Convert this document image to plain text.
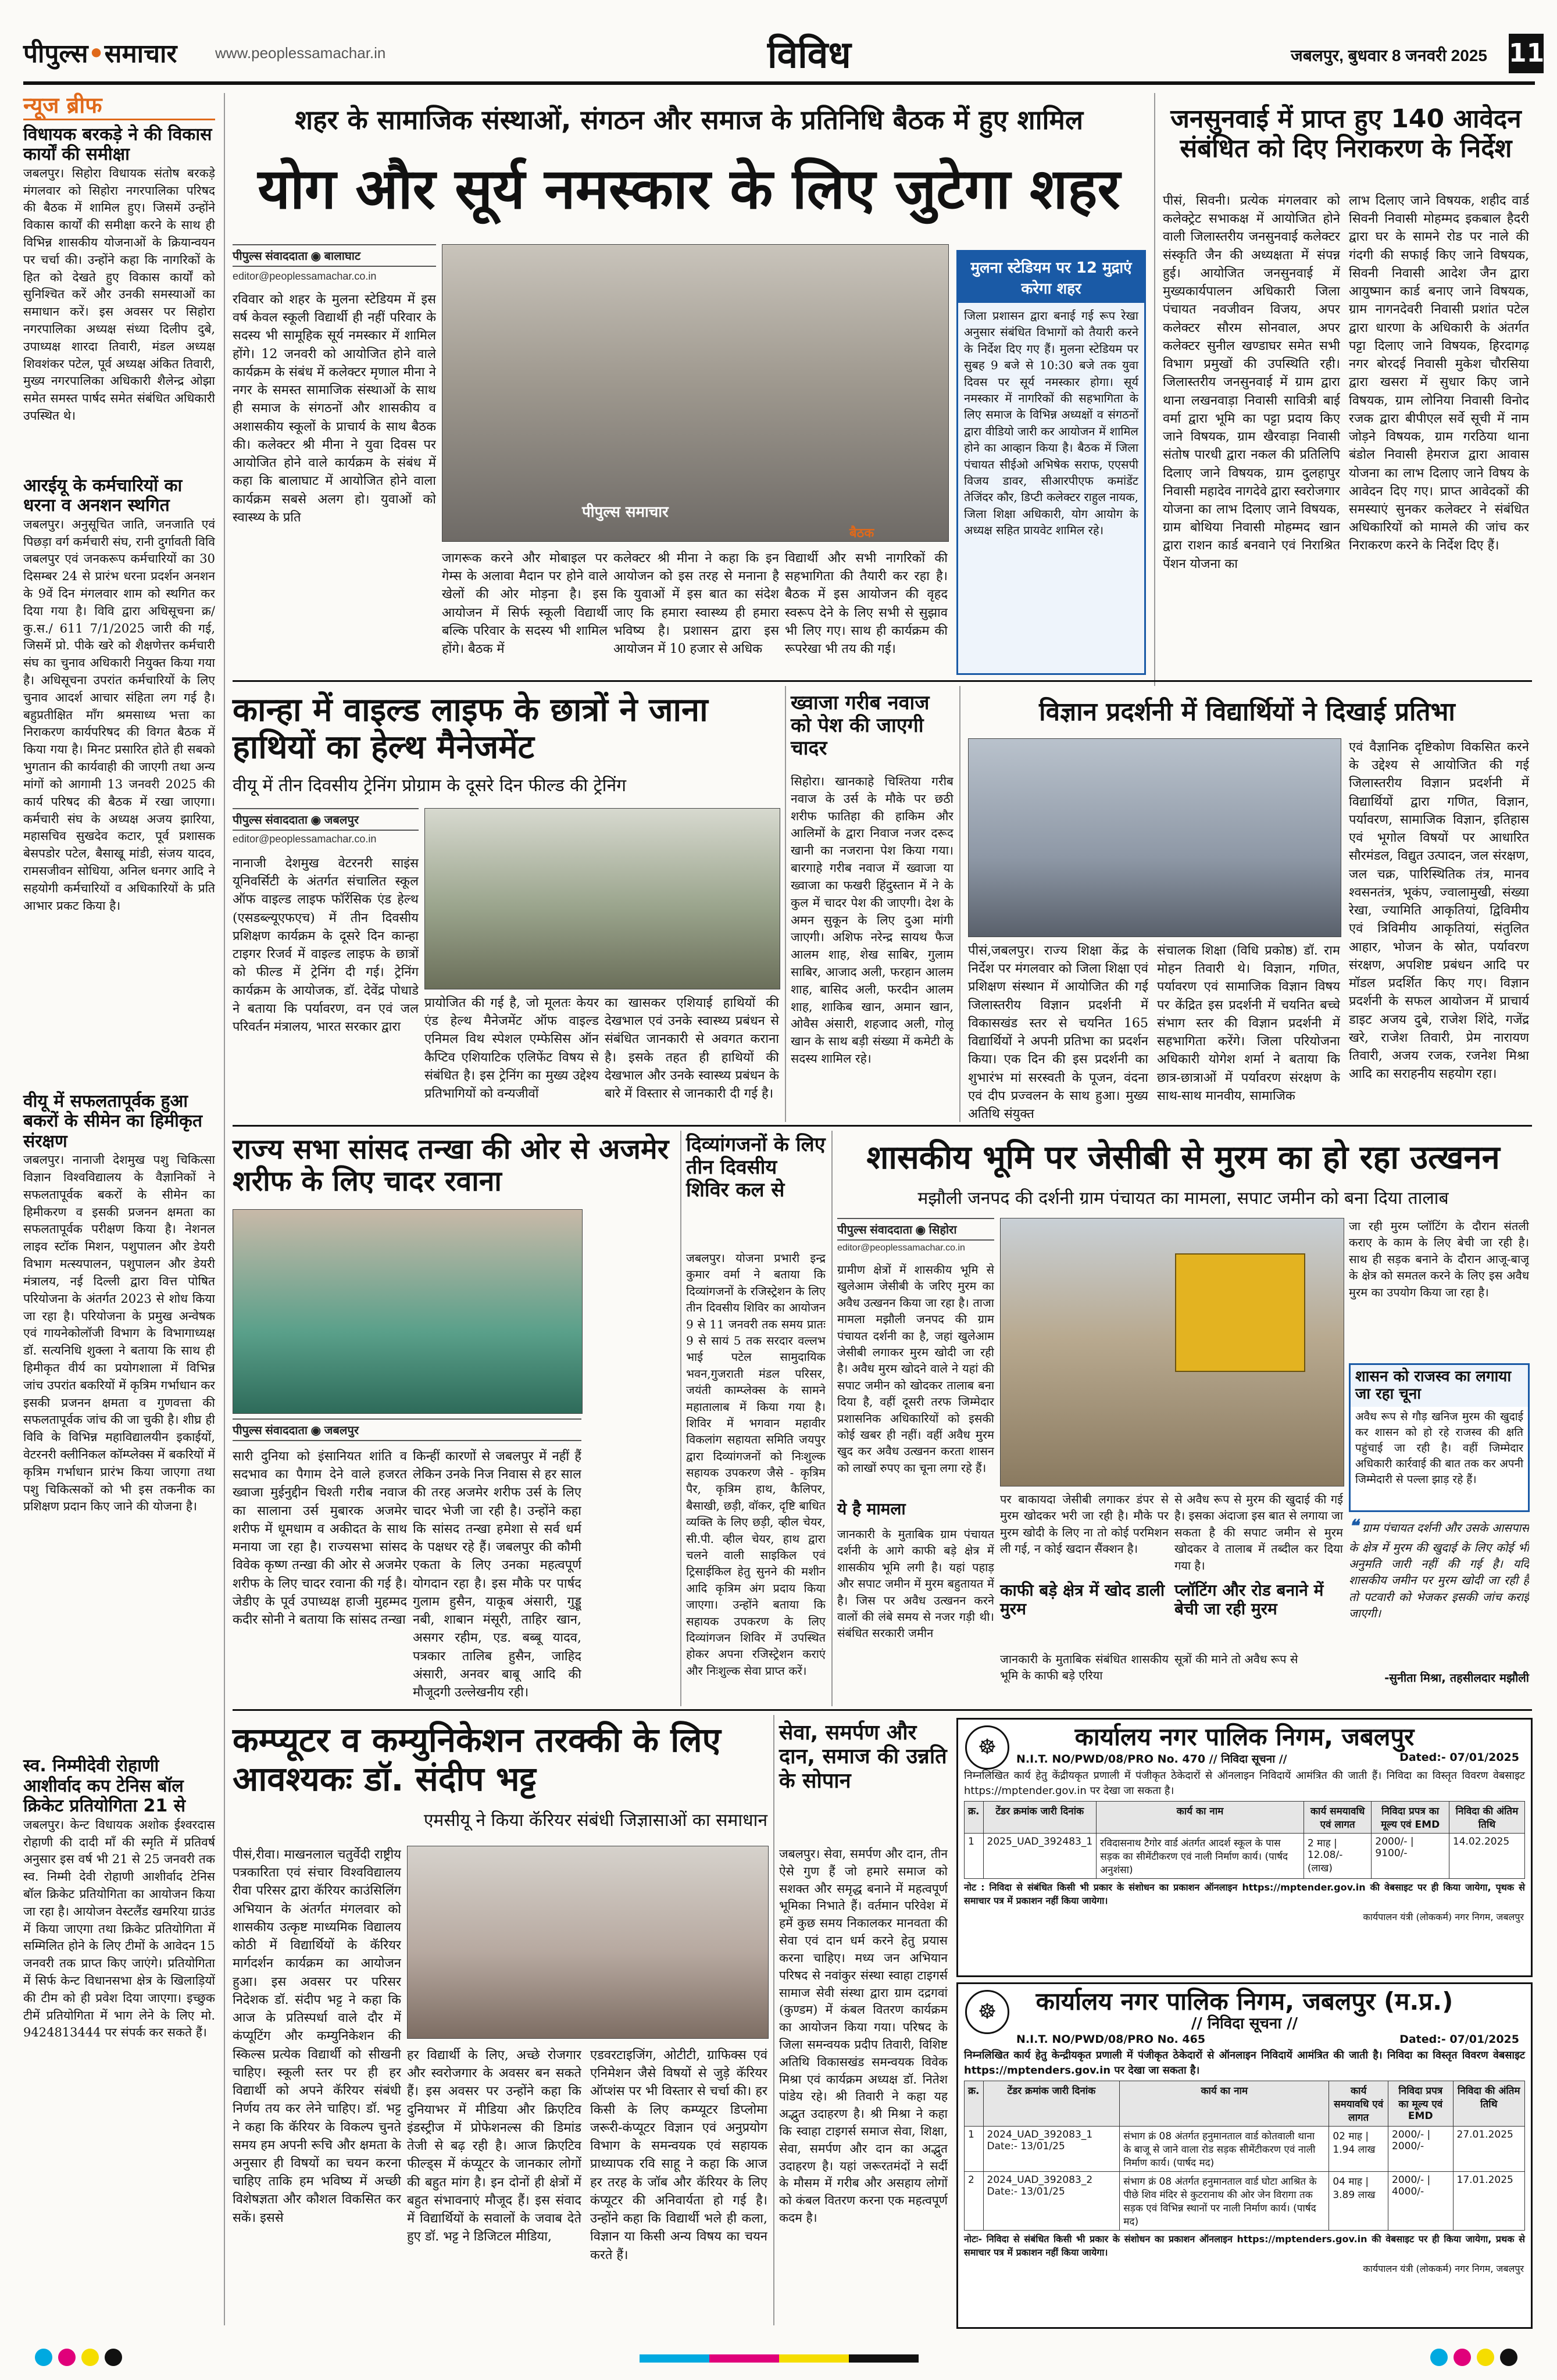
पीपुल्स•समाचार	www.peoplessamachar.in	विविध	जबलपुर, बुधवार 8 जनवरी 2025 11
न्यूज ब्रीफ
विधायक बरकड़े ने की विकास कार्यों की समीक्षा
जबलपुर। सिहोरा विधायक संतोष बरकड़े मंगलवार को सिहोरा नगरपालिका परिषद की बैठक में शामिल हुए। जिसमें उन्होंने विकास कार्यों की समीक्षा करने के साथ ही विभिन्न शासकीय योजनाओं के क्रियान्वयन पर चर्चा की। उन्होंने कहा कि नागरिकों के हित को देखते हुए विकास कार्यों को सुनिश्चित करें और उनकी समस्याओं का समाधान करें। इस अवसर पर सिहोरा नगरपालिका अध्यक्ष संध्या दिलीप दुबे, उपाध्यक्ष शारदा तिवारी, मंडल अध्यक्ष शिवशंकर पटेल, पूर्व अध्यक्ष अंकित तिवारी, मुख्य नगरपालिका अधिकारी शैलेन्द्र ओझा समेत समस्त पार्षद समेत संबंधित अधिकारी उपस्थित थे।
आरईयू के कर्मचारियों का धरना व अनशन स्थगित
जबलपुर। अनुसूचित जाति, जनजाति एवं पिछड़ा वर्ग कर्मचारी संघ, रानी दुर्गावती विवि जबलपुर एवं जनकरूप कर्मचारियों का 30 दिसम्बर 24 से प्रारंभ धरना प्रदर्शन अनशन के 9वें दिन मंगलवार शाम को स्थगित कर दिया गया है। विवि द्वारा अधिसूचना क्र/ कु.स./ 611 7/1/2025 जारी की गई, जिसमें प्रो. पीके खरे को शैक्षणेत्तर कर्मचारी संघ का चुनाव अधिकारी नियुक्त किया गया है। अधिसूचना उपरांत कर्मचारियों के लिए चुनाव आदर्श आचार संहिता लग गई है। बहुप्रतीक्षित माँग श्रमसाध्य भत्ता का निराकरण कार्यपरिषद की विगत बैठक में किया गया है। मिनट प्रसारित होते ही सबको भुगतान की कार्यवाही की जाएगी तथा अन्य मांगों को आगामी 13 जनवरी 2025 की कार्य परिषद की बैठक में रखा जाएगा। कर्मचारी संघ के अध्यक्ष अजय झारिया, महासचिव सुखदेव कटार, पूर्व प्रशासक बेसपडोर पटेल, बैसाखू मांडी, संजय यादव, रामसजीवन सोधिया, अनिल धनगर आदि ने सहयोगी कर्मचारियों व अधिकारियों के प्रति आभार प्रकट किया है।
वीयू में सफलतापूर्वक हुआ बकरों के सीमेन का हिमीकृत संरक्षण
जबलपुर। नानाजी देशमुख पशु चिकित्सा विज्ञान विश्वविद्यालय के वैज्ञानिकों ने सफलतापूर्वक बकरों के सीमेन का हिमीकरण व इसकी प्रजनन क्षमता का सफलतापूर्वक परीक्षण किया है। नेशनल लाइव स्टॉक मिशन, पशुपालन और डेयरी विभाग मत्स्यपालन, पशुपालन और डेयरी मंत्रालय, नई दिल्ली द्वारा वित्त पोषित परियोजना के अंतर्गत 2023 से शोध किया जा रहा है। परियोजना के प्रमुख अन्वेषक एवं गायनेकोलॉजी विभाग के विभागाध्यक्ष डॉ. सत्यनिधि शुक्ला ने बताया कि साथ ही हिमीकृत वीर्य का प्रयोगशाला में विभिन्न जांच उपरांत बकरियों में कृत्रिम गर्भाधान कर इसकी प्रजनन क्षमता व गुणवत्ता की सफलतापूर्वक जांच की जा चुकी है। शीघ्र ही विवि के विभिन्न महाविद्यालयीन इकाईयों, वेटरनरी क्लीनिकल कॉम्प्लेक्स में बकरियों में कृत्रिम गर्भाधान प्रारंभ किया जाएगा तथा पशु चिकित्सकों को भी इस तकनीक का प्रशिक्षण प्रदान किए जाने की योजना है।
स्व. निम्मीदेवी रोहाणी आशीर्वाद कप टेनिस बॉल क्रिकेट प्रतियोगिता 21 से
जबलपुर। केन्ट विधायक अशोक ईश्वरदास रोहाणी की दादी माँ की स्मृति में प्रतिवर्ष अनुसार इस वर्ष भी 21 से 25 जनवरी तक स्व. निम्मी देवी रोहाणी आशीर्वाद टेनिस बॉल क्रिकेट प्रतियोगिता का आयोजन किया जा रहा है। आयोजन वेस्टलैंड खमरिया ग्राउंड में किया जाएगा तथा क्रिकेट प्रतियोगिता में सम्मिलित होने के लिए टीमों के आवेदन 15 जनवरी तक प्राप्त किए जाएंगे। प्रतियोगिता में सिर्फ केन्ट विधानसभा क्षेत्र के खिलाड़ियों की टीम को ही प्रवेश दिया जाएगा। इच्छुक टीमें प्रतियोगिता में भाग लेने के लिए मो. 9424813444 पर संपर्क कर सकते हैं।
शहर के सामाजिक संस्थाओं, संगठन और समाज के प्रतिनिधि बैठक में हुए शामिल
योग और सूर्य नमस्कार के लिए जुटेगा शहर
पीपुल्स संवाददाता ◉ बालाघाट
editor@peoplessamachar.co.in
पीपुल्स समाचार
बैठक
रविवार को शहर के मुलना स्टेडियम में इस वर्ष केवल स्कूली विद्यार्थी ही नहीं परिवार के सदस्य भी सामूहिक सूर्य नमस्कार में शामिल होंगे। 12 जनवरी को आयोजित होने वाले कार्यक्रम के संबंध में कलेक्टर मृणाल मीना ने नगर के समस्त सामाजिक संस्थाओं के साथ ही समाज के संगठनों और शासकीय व अशासकीय स्कूलों के प्राचार्य के साथ बैठक की। कलेक्टर श्री मीना ने युवा दिवस पर आयोजित होने वाले कार्यक्रम के संबंध में कहा कि बालाघाट में आयोजित होने वाला कार्यक्रम सबसे अलग हो। युवाओं को स्वास्थ्य के प्रति
जागरूक करने और मोबाइल पर गेम्स के अलावा मैदान पर होने वाले खेलों की ओर मोड़ना है। इस आयोजन में सिर्फ स्कूली विद्यार्थी बल्कि परिवार के सदस्य भी शामिल होंगे। बैठक में
कलेक्टर श्री मीना ने कहा कि इन आयोजन को इस तरह से मनाना है कि युवाओं में इस बात का संदेश जाए कि हमारा स्वास्थ्य ही हमारा भविष्य है। प्रशासन द्वारा इस आयोजन में 10 हजार से अधिक
विद्यार्थी और सभी नागरिकों की सहभागिता की तैयारी कर रहा है। बैठक में इस आयोजन की वृहद स्वरूप देने के लिए सभी से सुझाव भी लिए गए। साथ ही कार्यक्रम की रूपरेखा भी तय की गई।
मुलना स्टेडियम पर 12 मुद्राएं करेगा शहर
जिला प्रशासन द्वारा बनाई गई रूप रेखा अनुसार संबंधित विभागों को तैयारी करने के निर्देश दिए गए हैं। मुलना स्टेडियम पर सुबह 9 बजे से 10:30 बजे तक युवा दिवस पर सूर्य नमस्कार होगा। सूर्य नमस्कार में नागरिकों की सहभागिता के लिए समाज के विभिन्न अध्यक्षों व संगठनों द्वारा वीडियो जारी कर आयोजन में शामिल होने का आव्हान किया है। बैठक में जिला पंचायत सीईओ अभिषेक सराफ, एएसपी विजय डावर, सीआरपीएफ कमांडेंट तेजिंदर कौर, डिप्टी कलेक्टर राहुल नायक, जिला शिक्षा अधिकारी, योग आयोग के अध्यक्ष सहित प्रायवेट शामिल रहे।
जनसुनवाई में प्राप्त हुए 140 आवेदन संबंधित को दिए निराकरण के निर्देश
पीसं, सिवनी। प्रत्येक मंगलवार को कलेक्ट्रेट सभाकक्ष में आयोजित होने वाली जिलास्तरीय जनसुनवाई कलेक्टर संस्कृति जैन की अध्यक्षता में संपन्न हुई। आयोजित जनसुनवाई में मुख्यकार्यपालन अधिकारी जिला पंचायत नवजीवन विजय, अपर कलेक्टर सौरम सोनवाल, अपर कलेक्टर सुनील खण्डाघर समेत सभी विभाग प्रमुखों की उपस्थिति रही। जिलास्तरीय जनसुनवाई में ग्राम द्वारा थाना लखनवाड़ा निवासी सावित्री बाई वर्मा द्वारा भूमि का पट्टा प्रदाय किए जाने विषयक, ग्राम खैरवाड़ा निवासी संतोष पारधी द्वारा नकल की प्रतिलिपि दिलाए जाने विषयक, ग्राम दुलहापुर निवासी महादेव नागदेवे द्वारा स्वरोजगार योजना का लाभ दिलाए जाने विषयक, ग्राम बोथिया निवासी मोहम्मद खान द्वारा राशन कार्ड बनवाने एवं निराश्रित पेंशन योजना का
लाभ दिलाए जाने विषयक, शहीद वार्ड सिवनी निवासी मोहम्मद इकबाल हैदरी द्वारा घर के सामने रोड पर नाले की गंदगी की सफाई किए जाने विषयक, सिवनी निवासी आदेश जैन द्वारा आयुष्मान कार्ड बनाए जाने विषयक, ग्राम नागनदेवरी निवासी प्रशांत पटेल द्वारा धारणा के अधिकारी के अंतर्गत पट्टा दिलाए जाने विषयक, हिरदागढ़ नगर बोरदई निवासी मुकेश चौरसिया द्वारा खसरा में सुधार किए जाने विषयक, ग्राम लोनिया निवासी विनोद रजक द्वारा बीपीएल सर्वे सूची में नाम जोड़ने विषयक, ग्राम गरठिया थाना बंडोल निवासी हेमराज द्वारा आवास योजना का लाभ दिलाए जाने विषय के आवेदन दिए गए। प्राप्त आवेदकों की समस्याएं सुनकर कलेक्टर ने संबंधित अधिकारियों को मामले की जांच कर निराकरण करने के निर्देश दिए हैं।
कान्हा में वाइल्ड लाइफ के छात्रों ने जाना हाथियों का हेल्थ मैनेजमेंट
वीयू में तीन दिवसीय ट्रेनिंग प्रोग्राम के दूसरे दिन फील्ड की ट्रेनिंग
पीपुल्स संवाददाता ◉ जबलपुर
editor@peoplessamachar.co.in
नानाजी देशमुख वेटरनरी साइंस यूनिवर्सिटी के अंतर्गत संचालित स्कूल ऑफ वाइल्ड लाइफ फॉरेंसिक एंड हेल्थ (एसडब्ल्यूएफएच) में तीन दिवसीय प्रशिक्षण कार्यक्रम के दूसरे दिन कान्हा टाइगर रिजर्व में वाइल्ड लाइफ के छात्रों को फील्ड में ट्रेनिंग दी गई। ट्रेनिंग कार्यक्रम के आयोजक, डॉ. देवेंद्र पोधाडे ने बताया कि पर्यावरण, वन एवं जल परिवर्तन मंत्रालय, भारत सरकार द्वारा
प्रायोजित की गई है, जो मूलतः केयर एंड हेल्थ मैनेजमेंट ऑफ वाइल्ड एनिमल विथ स्पेशल एम्फेसिस ऑन कैप्टिव एशियाटिक एलिफेंट विषय से संबंधित है। इस ट्रेनिंग का मुख्य उद्देश्य प्रतिभागियों को वन्यजीवों
का खासकर एशियाई हाथियों की देखभाल एवं उनके स्वास्थ्य प्रबंधन से संबंधित जानकारी से अवगत कराना है। इसके तहत ही हाथियों की देखभाल और उनके स्वास्थ्य प्रबंधन के बारे में विस्तार से जानकारी दी गई है।
ख्वाजा गरीब नवाज को पेश की जाएगी चादर
सिहोरा। खानकाहे चिश्तिया गरीब नवाज के उर्स के मौके पर छठी शरीफ फातिहा की हाकिम और आलिमों के द्वारा निवाज नजर दरूद खानी का नजराना पेश किया गया। बारगाहे गरीब नवाज में ख्वाजा या ख्वाजा का फखरी हिंदुस्तान में ने के कुल में चादर पेश की जाएगी। देश के अमन सुकून के लिए दुआ मांगी जाएगी। अशिफ नरेन्द्र सायथ फैज आलम शाह, शेख साबिर, गुलाम साबिर, आजाद अली, फरहान आलम शाह, बासिद अली, फरदीन आलम शाह, शाकिब खान, अमान खान, ओवैस अंसारी, शहजाद अली, गोलू खान के साथ बड़ी संख्या में कमेटी के सदस्य शामिल रहे।
विज्ञान प्रदर्शनी में विद्यार्थियों ने दिखाई प्रतिभा
पीसं,जबलपुर। राज्य शिक्षा केंद्र के निर्देश पर मंगलवार को जिला शिक्षा एवं प्रशिक्षण संस्थान में आयोजित की गई जिलास्तरीय विज्ञान प्रदर्शनी में विकासखंड स्तर से चयनित 165 विद्यार्थियों ने अपनी प्रतिभा का प्रदर्शन किया। एक दिन की इस प्रदर्शनी का शुभारंभ मां सरस्वती के पूजन, वंदना एवं दीप प्रज्वलन के साथ हुआ। मुख्य अतिथि संयुक्त
संचालक शिक्षा (विधि प्रकोष्ठ) डॉ. राम मोहन तिवारी थे। विज्ञान, गणित, पर्यावरण एवं सामाजिक विज्ञान विषय पर केंद्रित इस प्रदर्शनी में चयनित बच्चे संभाग स्तर की विज्ञान प्रदर्शनी में सहभागिता करेंगे। जिला परियोजना अधिकारी योगेश शर्मा ने बताया कि छात्र-छात्राओं में पर्यावरण संरक्षण के साथ-साथ मानवीय, सामाजिक
एवं वैज्ञानिक दृष्टिकोण विकसित करने के उद्देश्य से आयोजित की गई जिलास्तरीय विज्ञान प्रदर्शनी में विद्यार्थियों द्वारा गणित, विज्ञान, पर्यावरण, सामाजिक विज्ञान, इतिहास एवं भूगोल विषयों पर आधारित सौरमंडल, विद्युत उत्पादन, जल संरक्षण, जल चक्र, पारिस्थितिक तंत्र, मानव श्वसनतंत्र, भूकंप, ज्वालामुखी, संख्या रेखा, ज्यामिति आकृतियां, द्विविमीय एवं त्रिविमीय आकृतियां, संतुलित आहार, भोजन के स्रोत, पर्यावरण संरक्षण, अपशिष्ट प्रबंधन आदि पर मॉडल प्रदर्शित किए गए। विज्ञान प्रदर्शनी के सफल आयोजन में प्राचार्य डाइट अजय दुबे, राजेश शिंदे, गजेंद्र खरे, राजेश तिवारी, प्रेम नारायण तिवारी, अजय रजक, रजनेश मिश्रा आदि का सराहनीय सहयोग रहा।
राज्य सभा सांसद तन्खा की ओर से अजमेर शरीफ के लिए चादर रवाना
पीपुल्स संवाददाता ◉ जबलपुर
सारी दुनिया को इंसानियत शांति व सदभाव का पैगाम देने वाले हजरत ख्वाजा मुईनुद्दीन चिश्ती गरीब नवाज का सालाना उर्स मुबारक अजमेर शरीफ में धूमधाम व अकीदत के साथ मनाया जा रहा है। राज्यसभा सांसद विवेक कृष्ण तन्खा की ओर से अजमेर शरीफ के लिए चादर रवाना की गई है। जेडीए के पूर्व उपाध्यक्ष हाजी मुहम्मद कदीर सोनी ने बताया कि सांसद तन्खा
किन्हीं कारणों से जबलपुर में नहीं हैं लेकिन उनके निज निवास से हर साल की तरह अजमेर शरीफ उर्स के लिए चादर भेजी जा रही है। उन्होंने कहा कि सांसद तन्खा हमेशा से सर्व धर्म के पक्षधर रहे हैं। जबलपुर की कौमी एकता के लिए उनका महत्वपूर्ण योगदान रहा है। इस मौके पर पार्षद गुलाम हुसैन, याकूब अंसारी, गुड्डू नबी, शाबान मंसूरी, ताहिर खान, असगर रहीम, एड. बब्बू यादव, पत्रकार तालिब हुसैन, जाहिद अंसारी, अनवर बाबू आदि की मौजूदगी उल्लेखनीय रही।
दिव्यांगजनों के लिए तीन दिवसीय शिविर कल से
जबलपुर। योजना प्रभारी इन्द्र कुमार वर्मा ने बताया कि दिव्यांगजनों के रजिस्ट्रेशन के लिए तीन दिवसीय शिविर का आयोजन 9 से 11 जनवरी तक समय प्रातः 9 से सायं 5 तक सरदार वल्लभ भाई पटेल सामुदायिक भवन,गुजराती मंडल परिसर, जयंती काम्प्लेक्स के सामने महातालाब में किया गया है। शिविर में भगवान महावीर विकलांग सहायता समिति जयपुर द्वारा दिव्यांगजनों को निःशुल्क सहायक उपकरण जैसे - कृत्रिम पैर, कृत्रिम हाथ, कैलिपर, बैसाखी, छड़ी, वॉकर, दृष्टि बाधित व्यक्ति के लिए छड़ी, व्हील चेयर, सी.पी. व्हील चेयर, हाथ द्वारा चलने वाली साइकिल एवं ट्रिसाईकिल हेतु सुनने की मशीन आदि कृत्रिम अंग प्रदाय किया जाएगा। उन्होंने बताया कि सहायक उपकरण के लिए दिव्यांगजन शिविर में उपस्थित होकर अपना रजिस्ट्रेशन कराएं और निःशुल्क सेवा प्राप्त करें।
शासकीय भूमि पर जेसीबी से मुरम का हो रहा उत्खनन
मझौली जनपद की दर्शनी ग्राम पंचायत का मामला, सपाट जमीन को बना दिया तालाब
पीपुल्स संवाददाता ◉ सिहोरा
editor@peoplessamachar.co.in
ग्रामीण क्षेत्रों में शासकीय भूमि से खुलेआम जेसीबी के जरिए मुरम का अवैध उत्खनन किया जा रहा है। ताजा मामला मझौली जनपद की ग्राम पंचायत दर्शनी का है, जहां खुलेआम जेसीबी लगाकर मुरम खोदी जा रही है। अवैध मुरम खोदने वाले ने यहां की सपाट जमीन को खोदकर तालाब बना दिया है, वहीं दूसरी तरफ जिम्मेदार प्रशासनिक अधिकारियों को इसकी कोई खबर ही नहीं। वहीं अवैध मुरम खुद कर अवैध उत्खनन करता शासन को लाखों रुपए का चूना लगा रहे हैं।
ये है मामला
जानकारी के मुताबिक ग्राम पंचायत दर्शनी के आगे काफी बड़े क्षेत्र में शासकीय भूमि लगी है। यहां पहाड़ और सपाट जमीन में मुरम बहुतायत में है। जिस पर अवैध उत्खनन करने वालों की लंबे समय से नजर गड़ी थी। संबंधित सरकारी जमीन
पर बाकायदा जेसीबी लगाकर डंपर से मुरम खोदकर भरी जा रही है। मौके पर मुरम खोदी के लिए ना तो कोई परमिशन ली गई, न कोई खदान सैंक्शन है।
से अवैध रूप से मुरम की खुदाई की गई है। इसका अंदाजा इस बात से लगाया जा सकता है की सपाट जमीन से मुरम खोदकर वे तालाब में तब्दील कर दिया गया है।
काफी बड़े क्षेत्र में खोद डाली मुरम
जानकारी के मुताबिक संबंधित शासकीय भूमि के काफी बड़े एरिया
प्लॉटिंग और रोड बनाने में बेची जा रही मुरम
सूत्रों की माने तो अवैध रूप से
जा रही मुरम प्लॉटिंग के दौरान संतली कराए के काम के लिए बेची जा रही है। साथ ही सड़क बनाने के दौरान आजू-बाजू के क्षेत्र को समतल करने के लिए इस अवैध मुरम का उपयोग किया जा रहा है।
शासन को राजस्व का लगाया जा रहा चूना
अवैध रूप से गौड़ खनिज मुरम की खुदाई कर शासन को हो रहे राजस्व की क्षति पहुंचाई जा रही है। वहीं जिम्मेदार अधिकारी कार्रवाई की बात तक कर अपनी जिम्मेदारी से पल्ला झाड़ रहे हैं।
❝ ग्राम पंचायत दर्शनी और उसके आसपास के क्षेत्र में मुरम की खुदाई के लिए कोई भी अनुमति जारी नहीं की गई है। यदि शासकीय जमीन पर मुरम खोदी जा रही है तो पटवारी को भेजकर इसकी जांच कराई जाएगी।
-सुनीता मिश्रा, तहसीलदार मझौली
कम्प्यूटर व कम्युनिकेशन तरक्की के लिए आवश्यकः डॉ. संदीप भट्ट
एमसीयू ने किया कॅरियर संबंधी जिज्ञासाओं का समाधान
पीसं,रीवा। माखनलाल चतुर्वेदी राष्ट्रीय पत्रकारिता एवं संचार विश्वविद्यालय रीवा परिसर द्वारा कॅरियर काउंसिलिंग अभियान के अंतर्गत मंगलवार को शासकीय उत्कृष्ट माध्यमिक विद्यालय कोठी में विद्यार्थियों के कॅरियर मार्गदर्शन कार्यक्रम का आयोजन हुआ। इस अवसर पर परिसर निदेशक डॉ. संदीप भट्ट ने कहा कि आज के प्रतिस्पर्धा वाले दौर में कंप्यूटिंग और कम्युनिकेशन की स्किल्स प्रत्येक विद्यार्थी को सीखनी चाहिए। स्कूली स्तर पर ही हर विद्यार्थी को अपने कॅरियर संबंधी निर्णय तय कर लेने चाहिए। डॉ. भट्ट ने कहा कि कॅरियर के विकल्प चुनते समय हम अपनी रूचि और क्षमता के अनुसार ही विषयों का चयन करना चाहिए ताकि हम भविष्य में अच्छी विशेषज्ञता और कौशल विकसित कर सकें। इससे
हर विद्यार्थी के लिए, अच्छे रोजगार और स्वरोजगार के अवसर बन सकते हैं। इस अवसर पर उन्होंने कहा कि दुनियाभर में मीडिया और क्रिएटिव इंडस्ट्रीज में प्रोफेशनल्स की डिमांड तेजी से बढ़ रही है। आज क्रिएटिव फील्ड्स में कंप्यूटर के जानकार लोगों की बहुत मांग है। इन दोनों ही क्षेत्रों में बहुत संभावनाएं मौजूद हैं। इस संवाद में विद्यार्थियों के सवालों के जवाब देते हुए डॉ. भट्ट ने डिजिटल मीडिया,
एडवरटाइजिंग, ओटीटी, ग्राफिक्स एवं एनिमेशन जैसे विषयों से जुड़े कॅरियर ऑप्शंस पर भी विस्तार से चर्चा की। हर किसी के लिए कम्प्यूटर डिप्लोमा जरूरी-कंप्यूटर विज्ञान एवं अनुप्रयोग विभाग के समन्वयक एवं सहायक प्राध्यापक रवि साहू ने कहा कि आज हर तरह के जॉब और कॅरियर के लिए कंप्यूटर की अनिवार्यता हो गई है। उन्होंने कहा कि विद्यार्थी भले ही कला, विज्ञान या किसी अन्य विषय का चयन करते हैं।
सेवा, समर्पण और दान, समाज की उन्नति के सोपान
जबलपुर। सेवा, समर्पण और दान, तीन ऐसे गुण हैं जो हमारे समाज को सशक्त और समृद्ध बनाने में महत्वपूर्ण भूमिका निभाते हैं। वर्तमान परिवेश में हमें कुछ समय निकालकर मानवता की सेवा एवं दान धर्म करने हेतु प्रयास करना चाहिए। मध्य जन अभियान परिषद से नवांकुर संस्था स्वाहा टाइगर्स सामाज सेवी संस्था द्वारा ग्राम दद्रगवां (कुण्डम) में कंबल वितरण कार्यक्रम का आयोजन किया गया। परिषद के जिला समन्वयक प्रदीप तिवारी, विशिष्ट अतिथि विकासखंड समन्वयक विवेक मिश्रा एवं कार्यक्रम अध्यक्ष डॉ. नितेश पांडेय रहे। श्री तिवारी ने कहा यह अद्भुत उदाहरण है। श्री मिश्रा ने कहा कि स्वाहा टाइगर्स समाज सेवा, शिक्षा, सेवा, समर्पण और दान का अद्भुत उदाहरण है। यहां जरूरतमंदों ने सर्दी के मौसम में गरीब और असहाय लोगों को कंबल वितरण करना एक महत्वपूर्ण कदम है।
☸	कार्यालय नगर पालिक निगम, जबलपुर
N.I.T. NO/PWD/08/PRO No. 470 // निविदा सूचना //	Dated:- 07/01/2025
निम्नलिखित कार्य हेतु केंद्रीयकृत प्रणाली में पंजीकृत ठेकेदारों से ऑनलाइन निविदायें आमंत्रित की जाती हैं। निविदा का विस्तृत विवरण वेबसाइट https://mptender.gov.in पर देखा जा सकता है।
क्र.	टेंडर क्रमांक जारी दिनांक	कार्य का नाम	कार्य समयावधि एवं लागत	निविदा प्रपत्र का मूल्य एवं EMD	निविदा की अंतिम तिथि
1	2025_UAD_392483_1	रविदासनाथ टैगोर वार्ड अंतर्गत आदर्श स्कूल के पास सड़क का सीमेंटीकरण एवं नाली निर्माण कार्य। (पार्षद अनुशंसा)	2 माह | 12.08/-(लाख)	2000/- | 9100/-	14.02.2025
नोट : निविदा से संबंधित किसी भी प्रकार के संशोधन का प्रकाशन ऑनलाइन https://mptender.gov.in की वेबसाइट पर ही किया जायेगा, पृथक से समाचार पत्र में प्रकाशन नहीं किया जायेगा।
कार्यपालन यंत्री (लोककर्म) नगर निगम, जबलपुर
☸	कार्यालय नगर पालिक निगम, जबलपुर (म.प्र.)
// निविदा सूचना //
N.I.T. NO/PWD/08/PRO No. 465	Dated:- 07/01/2025
निम्नलिखित कार्य हेतु केन्द्रीयकृत प्रणाली में पंजीकृत ठेकेदारों से ऑनलाइन निविदायें आमंत्रित की जाती है। निविदा का विस्तृत विवरण वेबसाइट https://mptenders.gov.in पर देखा जा सकता है।
क्र.	टेंडर क्रमांक जारी दिनांक	कार्य का नाम	कार्य समयावधि एवं लागत	निविदा प्रपत्र का मूल्य एवं EMD	निविदा की अंतिम तिथि
1	2024_UAD_392083_1 Date:- 13/01/25	संभाग क्रं 08 अंतर्गत हनुमानताल वार्ड कोतवाली थाना के बाजू से जाने वाला रोड सड़क सीमेंटीकरण एवं नाली निर्माण कार्य। (पार्षद मद)	02 माह | 1.94 लाख	2000/- | 2000/-	27.01.2025
2	2024_UAD_392083_2 Date:- 13/01/25	संभाग क्रं 08 अंतर्गत हनुमानताल वार्ड घोटा आश्रित के पीछे शिव मंदिर से कुटरानाथ की ओर जेन विरागा तक सड़क एवं विभिन्न स्थानों पर नाली निर्माण कार्य। (पार्षद मद)	04 माह | 3.89 लाख	2000/- | 4000/-	17.01.2025
नोटः- निविदा से संबंधित किसी भी प्रकार के संशोधन का प्रकाशन ऑनलाइन https://mptenders.gov.in की वेबसाइट पर ही किया जायेगा, प्रथक से समाचार पत्र में प्रकाशन नहीं किया जायेगा।
कार्यपालन यंत्री (लोककर्म) नगर निगम, जबलपुर
